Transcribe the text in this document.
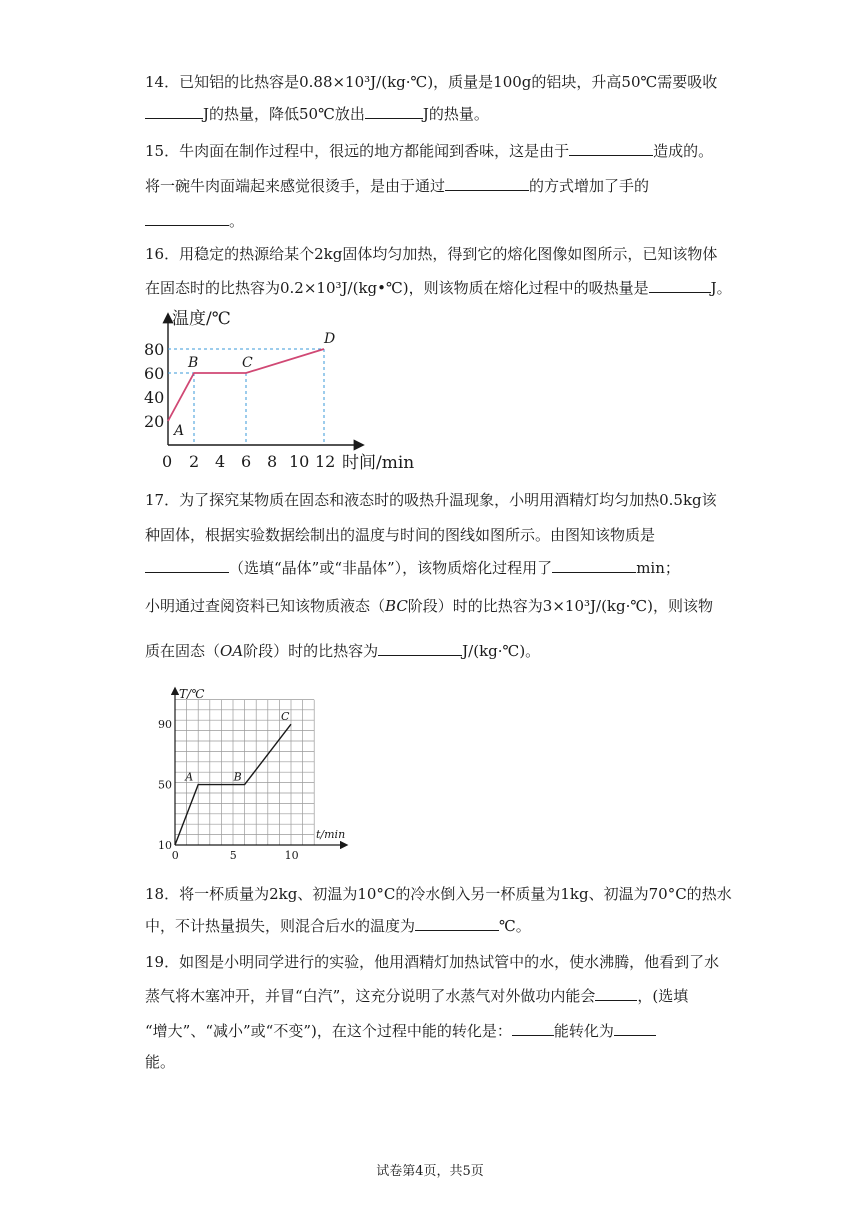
14．已知铝的比热容是0.88×10³J/(kg·℃)，质量是100g的铝块，升高50℃需要吸收
J的热量，降低50℃放出	J的热量。
15．牛肉面在制作过程中，很远的地方都能闻到香味，这是由于	造成的。
将一碗牛肉面端起来感觉很烫手，是由于通过	的方式增加了手的
。
16．用稳定的热源给某个2kg固体均匀加热，得到它的熔化图像如图所示，已知该物体
在固态时的比热容为0.2×10³J/(kg•℃)，则该物质在熔化过程中的吸热量是	J。
0 2 4 6 8 10 12
20
40
60
80
A
B	C
D
温度/℃
时间/min
17．为了探究某物质在固态和液态时的吸热升温现象，小明用酒精灯均匀加热0.5kg该
种固体，根据实验数据绘制出的温度与时间的图线如图所示。由图知该物质是
（选填“晶体”或“非晶体”），该物质熔化过程用了	min；
小明通过查阅资料已知该物质液态（BC阶段）时的比热容为3×10³J/(kg·℃)，则该物
质在固态（OA阶段）时的比热容为	J/(kg·℃)。
0	5	10
10
50
90
A	B
C
T/℃
t/min
18．将一杯质量为2kg、初温为10°C的冷水倒入另一杯质量为1kg、初温为70°C的热水
中，不计热量损失，则混合后水的温度为	℃。
19．如图是小明同学进行的实验，他用酒精灯加热试管中的水，使水沸腾，他看到了水
蒸气将木塞冲开，并冒“白汽”，这充分说明了水蒸气对外做功内能会	，(选填
“增大”、“减小”或“不变”)，在这个过程中能的转化是：	能转化为
能。
试卷第4页，共5页
